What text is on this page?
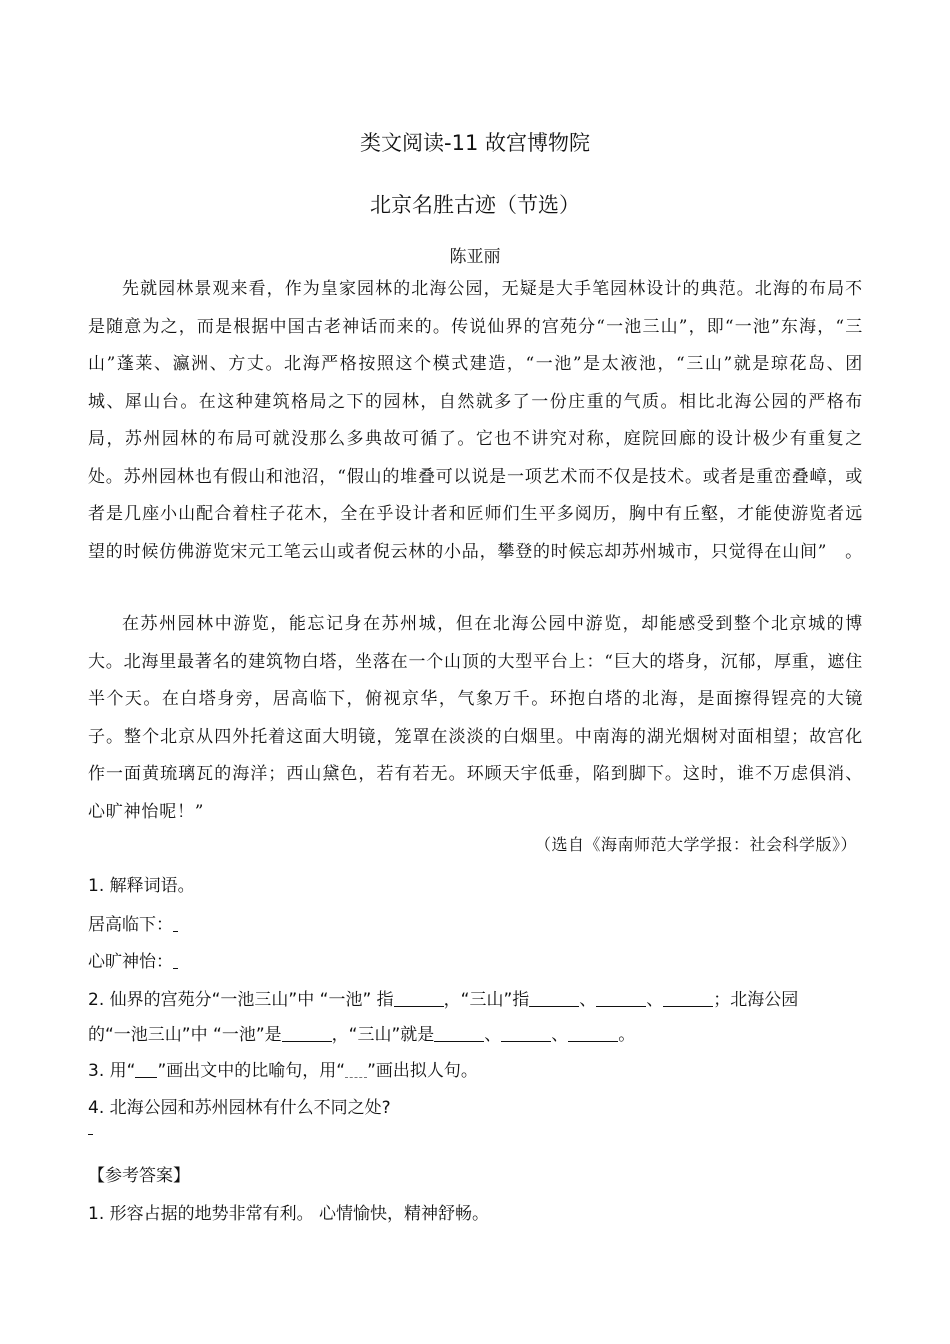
类文阅读-11 故宫博物院
北京名胜古迹（节选）
陈亚丽

先就园林景观来看，作为皇家园林的北海公园，无疑是大手笔园林设计的典范。北海的布局不是随意为之，而是根据中国古老神话而来的。传说仙界的宫苑分“一池三山”，即“一池”东海，“三山”蓬莱、瀛洲、方丈。北海严格按照这个模式建造，“一池”是太液池，“三山”就是琼花岛、团城、犀山台。在这种建筑格局之下的园林，自然就多了一份庄重的气质。相比北海公园的严格布局，苏州园林的布局可就没那么多典故可循了。它也不讲究对称，庭院回廊的设计极少有重复之处。苏州园林也有假山和池沼，“假山的堆叠可以说是一项艺术而不仅是技术。或者是重峦叠嶂，或者是几座小山配合着柱子花木，全在乎设计者和匠师们生平多阅历，胸中有丘壑，才能使游览者远望的时候仿佛游览宋元工笔云山或者倪云林的小品，攀登的时候忘却苏州城市，只觉得在山间”　。

在苏州园林中游览，能忘记身在苏州城，但在北海公园中游览，却能感受到整个北京城的博大。北海里最著名的建筑物白塔，坐落在一个山顶的大型平台上：“巨大的塔身，沉郁，厚重，遮住半个天。在白塔身旁，居高临下，俯视京华，气象万千。环抱白塔的北海，是面擦得锃亮的大镜子。整个北京从四外托着这面大明镜，笼罩在淡淡的白烟里。中南海的湖光烟树对面相望；故宫化作一面黄琉璃瓦的海洋；西山黛色，若有若无。环顾天宇低垂，陷到脚下。这时，谁不万虑俱消、心旷神怡呢！”

（选自《海南师范大学学报：社会科学版》）

1. 解释词语。

居高临下：

心旷神怡：

2. 仙界的宫苑分“一池三山”中 “一池” 指	，“三山”指	、	、	；北海公园

的“一池三山”中 “一池”是	，“三山”就是	、	、	。

3. 用“ ”画出文中的比喻句，用“ ”画出拟人句。

4. 北海公园和苏州园林有什么不同之处?

【参考答案】

1. 形容占据的地势非常有利。 心情愉快，精神舒畅。
